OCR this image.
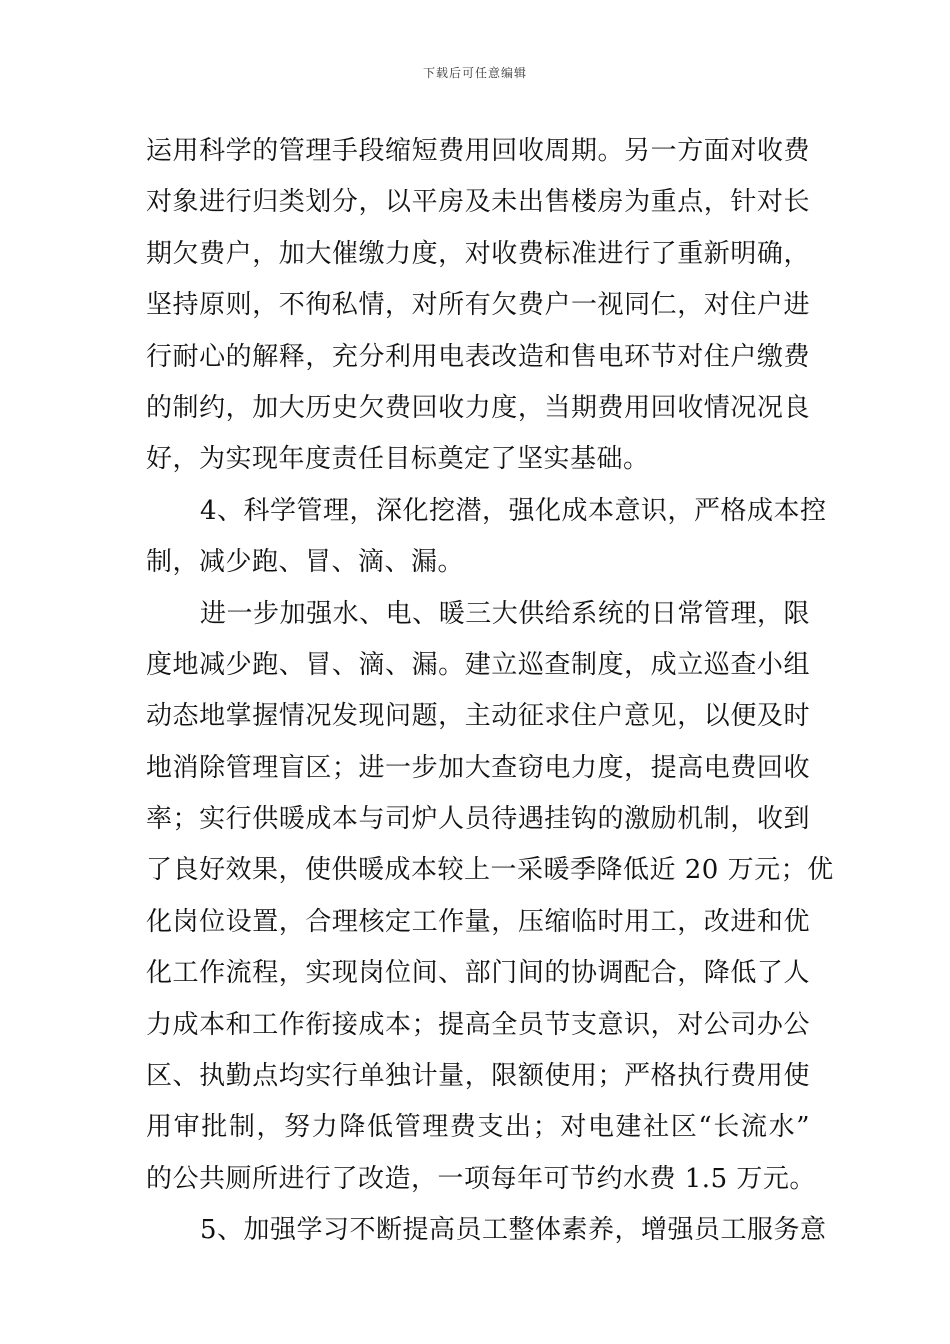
下载后可任意编辑
运用科学的管理手段缩短费用回收周期。另一方面对收费
对象进行归类划分，以平房及未出售楼房为重点，针对长
期欠费户，加大催缴力度，对收费标准进行了重新明确，
坚持原则，不徇私情，对所有欠费户一视同仁，对住户进
行耐心的解释，充分利用电表改造和售电环节对住户缴费
的制约，加大历史欠费回收力度，当期费用回收情况况良
好，为实现年度责任目标奠定了坚实基础。
4、科学管理，深化挖潜，强化成本意识，严格成本控
制，减少跑、冒、滴、漏。
进一步加强水、电、暖三大供给系统的日常管理，限
度地减少跑、冒、滴、漏。建立巡查制度，成立巡查小组
动态地掌握情况发现问题，主动征求住户意见，以便及时
地消除管理盲区；进一步加大查窃电力度，提高电费回收
率；实行供暖成本与司炉人员待遇挂钩的激励机制，收到
了良好效果，使供暖成本较上一采暖季降低近 20 万元；优
化岗位设置，合理核定工作量，压缩临时用工，改进和优
化工作流程，实现岗位间、部门间的协调配合，降低了人
力成本和工作衔接成本；提高全员节支意识，对公司办公
区、执勤点均实行单独计量，限额使用；严格执行费用使
用审批制，努力降低管理费支出；对电建社区“长流水”
的公共厕所进行了改造，一项每年可节约水费 1.5 万元。
5、加强学习不断提高员工整体素养，增强员工服务意
